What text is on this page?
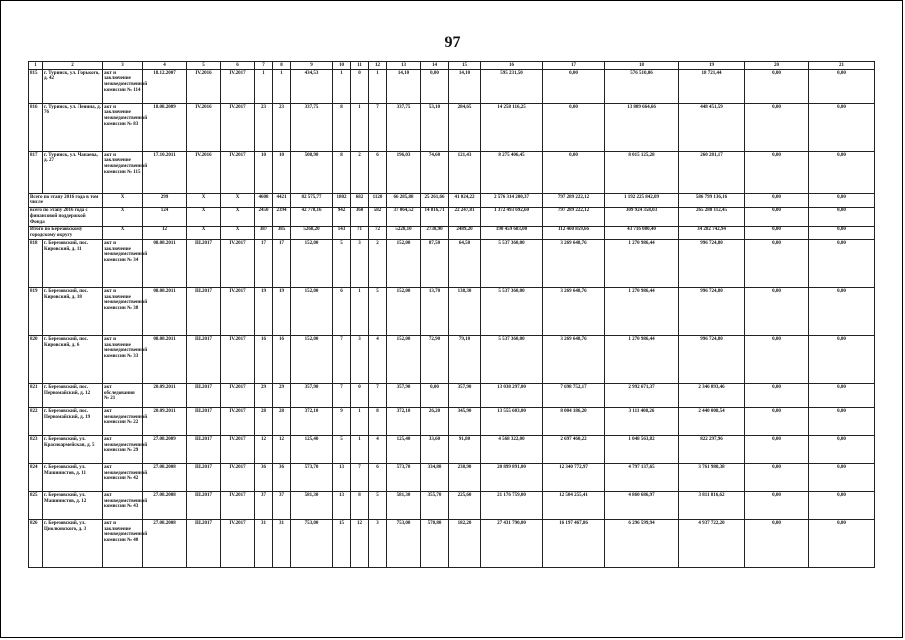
97
1	2	3	4	5	6	7	8	9	10	11	12	13	14	15	16	17	18	19	20	21
815	г. Туринск, ул. Горького, д. 42	акт и заключение межведомственной комиссии № 114	18.12.2007	IV.2016	IV.2017	1	1	434,53	1	0	1	14,10	0,00	14,10	595 231,50	0,00	576 510,06	18 721,44	0,00	0,00
816	г. Туринск, ул. Ленина, д. 76	акт и заключение межведомственной комиссии № 83	18.08.2009	IV.2016	IV.2017	23	23	337,75	8	1	7	337,75	53,10	284,65	14 258 116,25	0,00	13 809 664,66	448 451,59	0,00	0,00
817	г. Туринск, ул. Чапаева, д. 27	акт и заключение межведомственной комиссии № 115	17.10.2011	IV.2016	IV.2017	10	10	508,90	8	2	6	196,03	74,60	121,43	8 275 406,45	0,00	8 015 125,28	260 281,17	0,00	0,00
Всего по этапу 2016 года в том числе		X	299	X	X	4608	4421	82 575,77	1802	682	1120	66 285,88	25 261,66	41 024,22	2 576 314 200,37	797 289 222,12	1 192 225 842,09	586 799 136,16	0,00	0,00
всего по этапу 2016 года с финансовой поддержкой Фонда		X	124	X	X	2450	2394	42 770,16	942	360	582	37 064,52	14 816,71	22 247,81	1 372 493 692,60	797 289 222,12	309 924 358,03	265 280 112,45	0,00	0,00
Итого по Березовскому городскому округу		X	12	X	X	387	385	5268,20	143	71	72	5228,10	2738,90	2489,20	190 459 683,00	112 460 859,66	43 716 080,40	34 282 742,94	0,00	0,00
818	г. Березовский, пос. Кировский, д. 11	акт и заключение межведомственной комиссии № 34	08.08.2011	III.2017	IV.2017	17	17	152,00	5	3	2	152,00	87,50	64,50	5 537 360,00	3 269 648,76	1 270 986,44	996 724,80	0,00	0,00
819	г. Березовский, пос. Кировский, д. 18	акт и заключение межведомственной комиссии № 38	08.08.2011	III.2017	IV.2017	19	19	152,00	6	1	5	152,00	13,70	138,30	5 537 360,00	3 269 648,76	1 270 986,44	996 724,80	0,00	0,00
820	г. Березовский, пос. Кировский, д. 6	акт и заключение межведомственной комиссии № 33	08.08.2011	III.2017	IV.2017	16	16	152,00	7	3	4	152,00	72,90	79,10	5 537 360,00	3 269 648,76	1 270 986,44	996 724,80	0,00	0,00
821	г. Березовский, пос. Первомайский, д. 12	акт обследования № 21	20.09.2011	III.2017	IV.2017	29	29	357,90	7	0	7	357,90	0,00	357,90	13 038 297,00	7 698 752,17	2 992 671,37	2 346 893,46	0,00	0,00
822	г. Березовский, пос. Первомайский, д. 19	акт межведомственной комиссии № 22	20.09.2011	III.2017	IV.2017	28	28	372,10	9	1	8	372,10	26,20	345,90	13 555 603,00	8 004 186,20	3 111 408,26	2 440 008,54	0,00	0,00
823	г. Березовский, ул. Красноармейская, д. 5	акт межведомственной комиссии № 29	27.08.2009	III.2017	IV.2017	12	12	125,40	5	1	4	125,40	33,60	91,80	4 568 322,00	2 697 460,22	1 048 563,82	822 297,96	0,00	0,00
824	г. Березовский, ул. Машинистов, д. 11	акт межведомственной комиссии № 42	27.08.2008	III.2017	IV.2017	36	36	573,70	13	7	6	573,70	334,80	238,90	20 899 891,00	12 340 772,97	4 797 137,65	3 761 980,38	0,00	0,00
825	г. Березовский, ул. Машинистов, д. 12	акт межведомственной комиссии № 43	27.08.2008	III.2017	IV.2017	37	37	581,30	13	8	5	581,30	355,70	225,60	21 176 759,00	12 504 255,41	4 860 686,97	3 811 816,62	0,00	0,00
826	г. Березовский, ул. Циолковского, д. 3	акт и заключение межведомственной комиссии № 40	27.08.2008	III.2017	IV.2017	31	31	753,00	15	12	3	753,00	570,80	182,20	27 431 790,00	16 197 467,86	6 296 599,94	4 937 722,20	0,00	0,00
